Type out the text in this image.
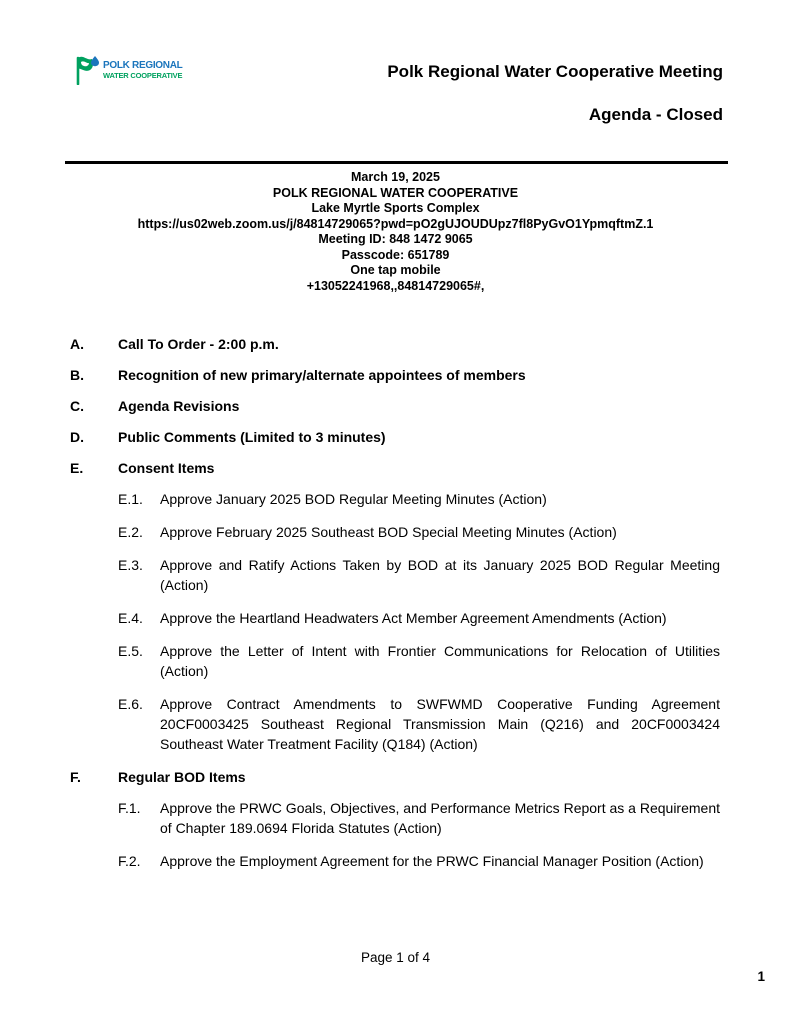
POLK REGIONAL
WATER COOPERATIVE	Polk Regional Water Cooperative Meeting
Agenda - Closed
March 19, 2025
POLK REGIONAL WATER COOPERATIVE
Lake Myrtle Sports Complex
https://us02web.zoom.us/j/84814729065?pwd=pO2gUJOUDUpz7fl8PyGvO1YpmqftmZ.1
Meeting ID: 848 1472 9065
Passcode: 651789
One tap mobile
+13052241968,,84814729065#,
A.	Call To Order - 2:00 p.m.
B.	Recognition of new primary/alternate appointees of members
C.	Agenda Revisions
D.	Public Comments (Limited to 3 minutes)
E.	Consent Items
E.1.	Approve January 2025 BOD Regular Meeting Minutes (Action)
E.2.	Approve February 2025 Southeast BOD Special Meeting Minutes (Action)
E.3.	Approve and Ratify Actions Taken by BOD at its January 2025 BOD Regular Meeting (Action)
E.4.	Approve the Heartland Headwaters Act Member Agreement Amendments (Action)
E.5.	Approve the Letter of Intent with Frontier Communications for Relocation of Utilities (Action)
E.6.	Approve Contract Amendments to SWFWMD Cooperative Funding Agreement 20CF0003425 Southeast Regional Transmission Main (Q216) and 20CF0003424 Southeast Water Treatment Facility (Q184) (Action)
F.	Regular BOD Items
F.1.	Approve the PRWC Goals, Objectives, and Performance Metrics Report as a Requirement of Chapter 189.0694 Florida Statutes (Action)
F.2.	Approve the Employment Agreement for the PRWC Financial Manager Position (Action)
Page 1 of 4
1
